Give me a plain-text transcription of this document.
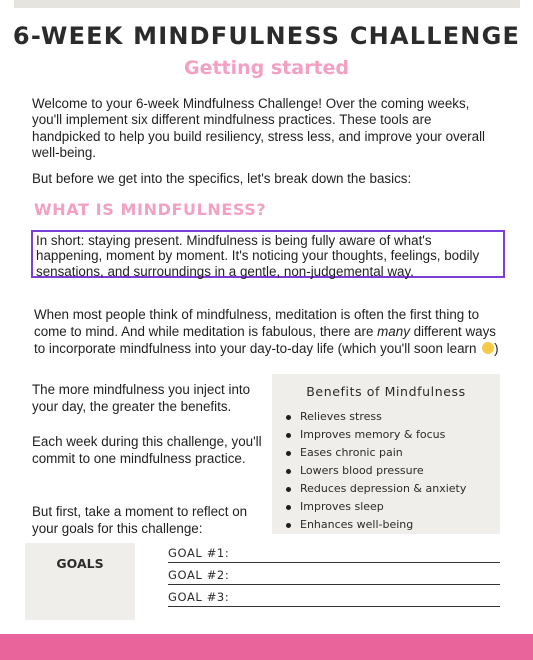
6-WEEK MINDFULNESS CHALLENGE
Getting started
Welcome to your 6-week Mindfulness Challenge! Over the coming weeks, you'll implement six different mindfulness practices. These tools are handpicked to help you build resiliency, stress less, and improve your overall well-being.
But before we get into the specifics, let's break down the basics:
WHAT IS MINDFULNESS?
In short: staying present. Mindfulness is being fully aware of what's happening, moment by moment. It's noticing your thoughts, feelings, bodily sensations, and surroundings in a gentle, non-judgemental way.
When most people think of mindfulness, meditation is often the first thing to come to mind. And while meditation is fabulous, there are many different ways to incorporate mindfulness into your day-to-day life (which you'll soon learn )
The more mindfulness you inject into your day, the greater the benefits.
Each week during this challenge, you'll commit to one mindfulness practice.
But first, take a moment to reflect on your goals for this challenge:
Benefits of Mindfulness
Relieves stress
Improves memory & focus
Eases chronic pain
Lowers blood pressure
Reduces depression & anxiety
Improves sleep
Enhances well-being
GOALS
GOAL #1:
GOAL #2:
GOAL #3:
